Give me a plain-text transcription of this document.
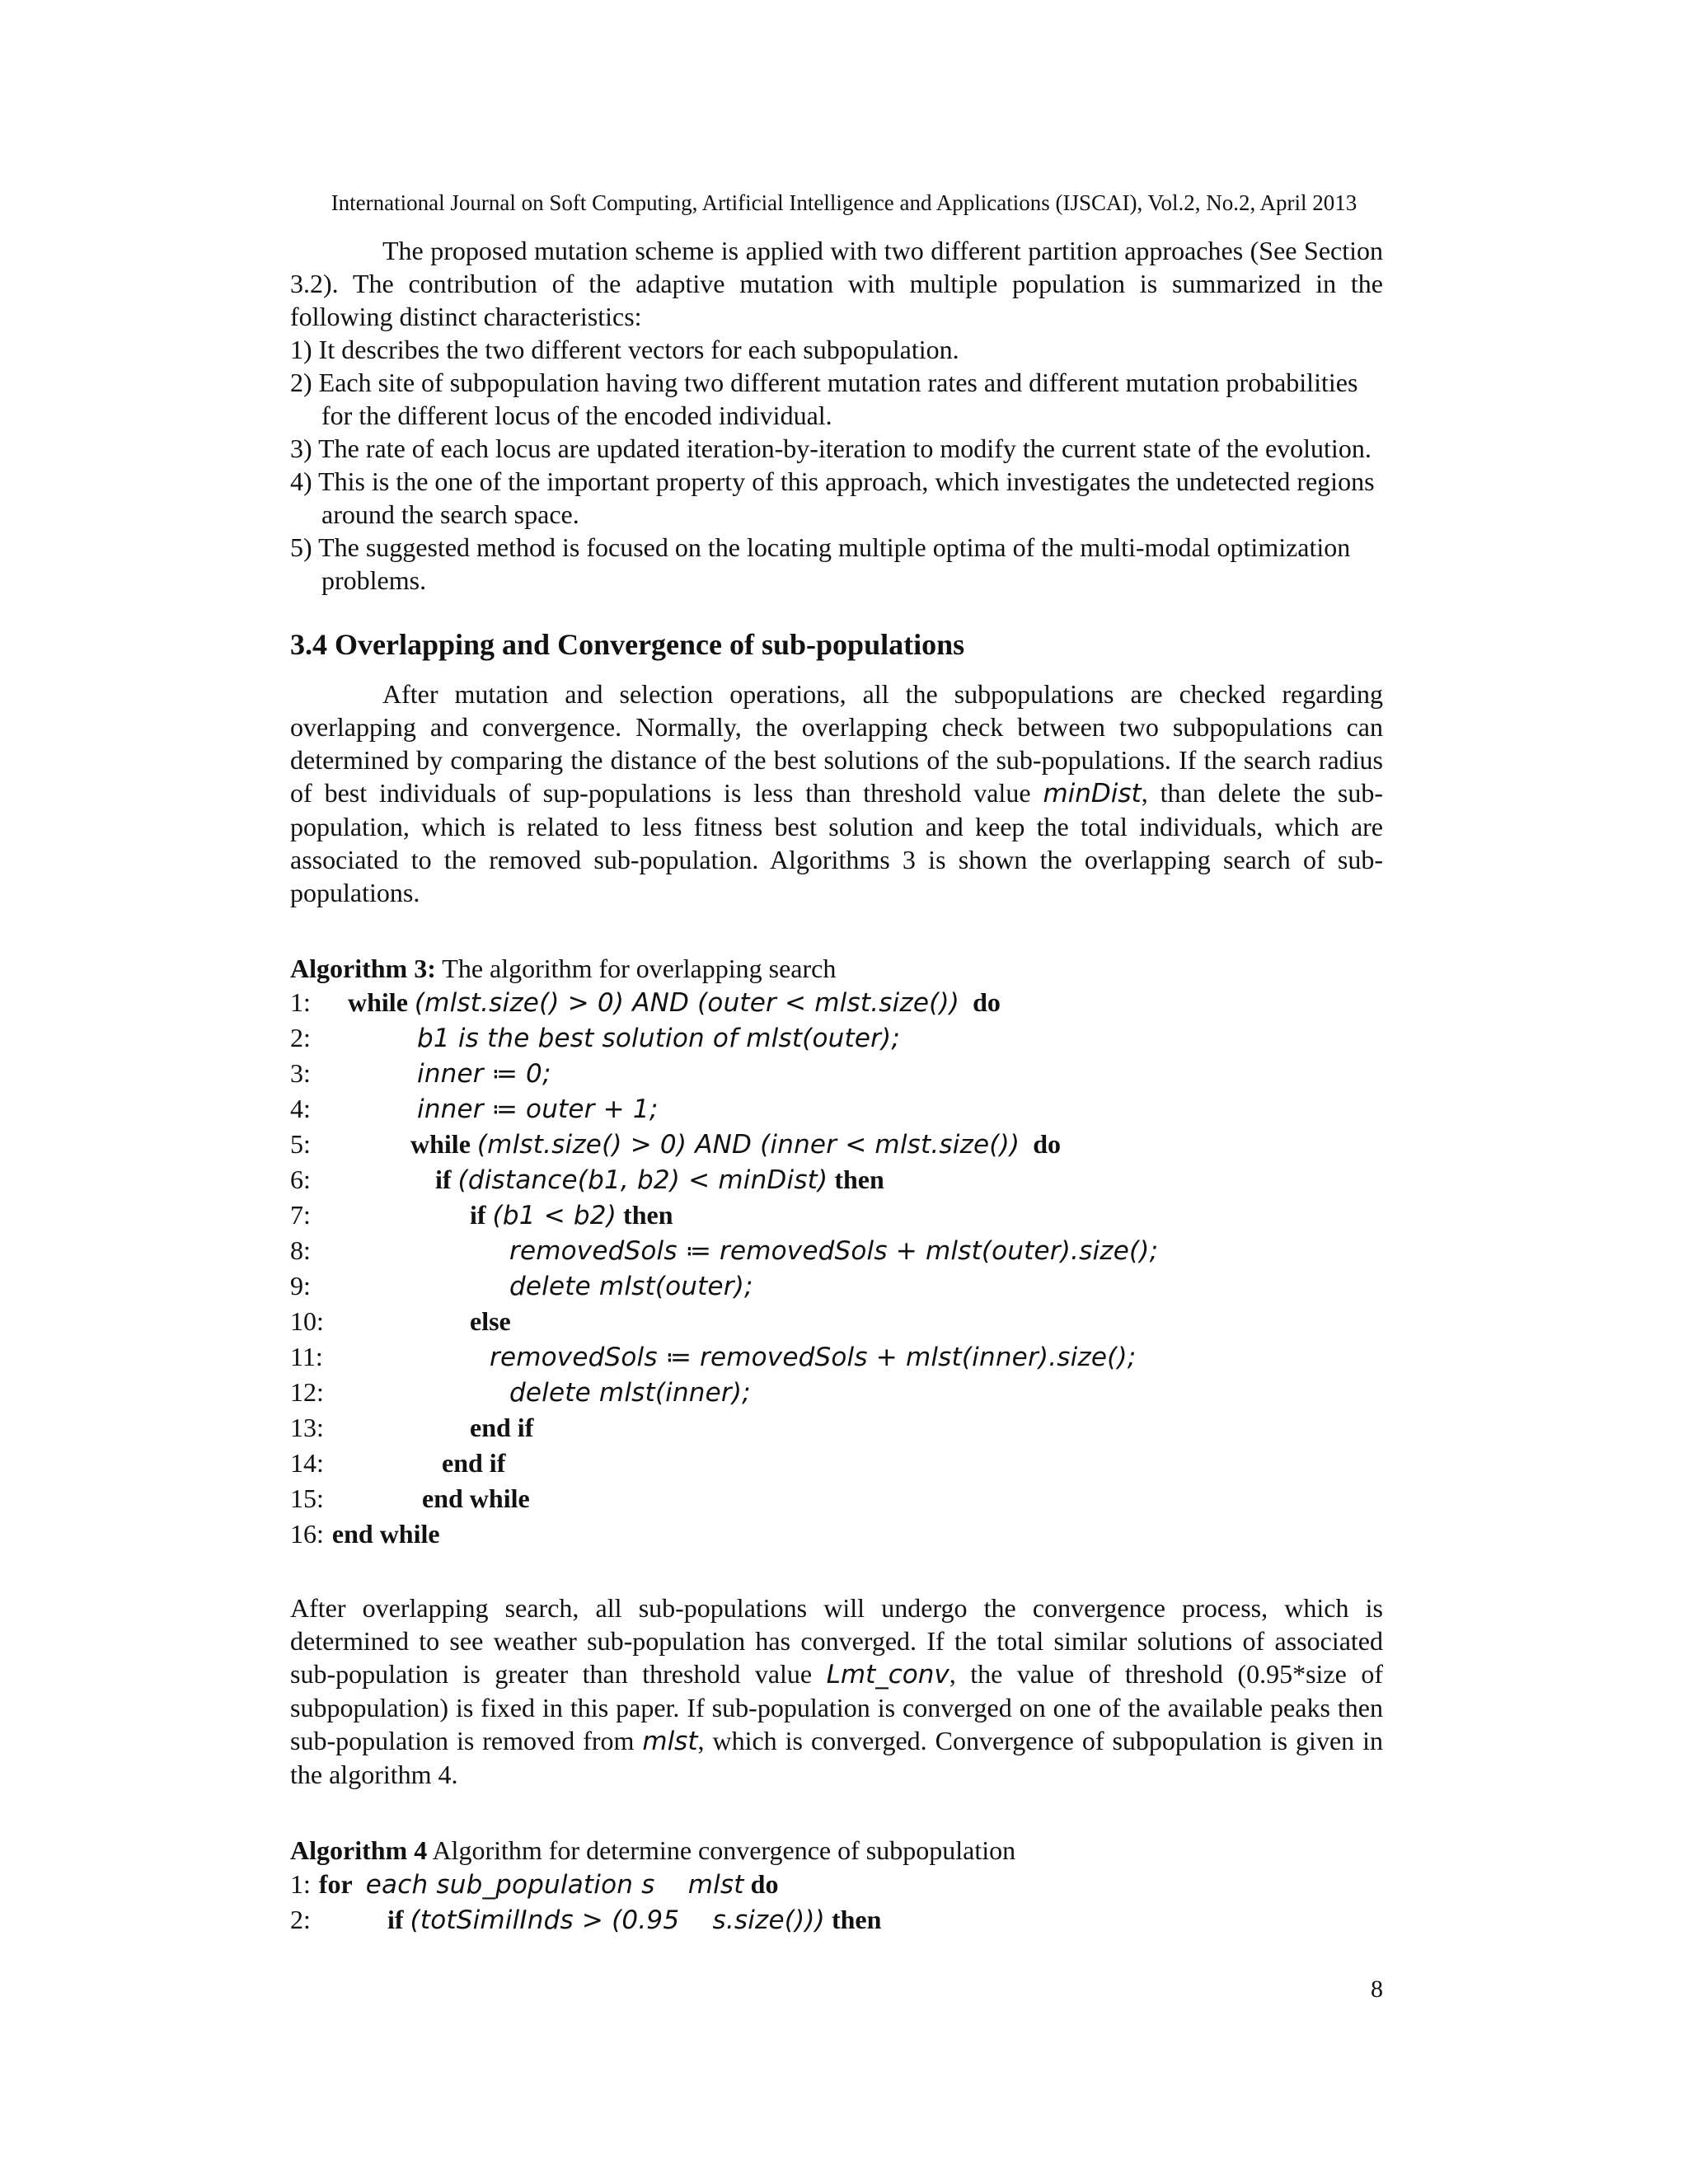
International Journal on Soft Computing, Artificial Intelligence and Applications (IJSCAI), Vol.2, No.2, April 2013

The proposed mutation scheme is applied with two different partition approaches (See Section 3.2). The contribution of the adaptive mutation with multiple population is summarized in the following distinct characteristics:

1) It describes the two different vectors for each subpopulation.
2) Each site of subpopulation having two different mutation rates and different mutation probabilities for the different locus of the encoded individual.
3) The rate of each locus are updated iteration-by-iteration to modify the current state of the evolution.
4) This is the one of the important property of this approach, which investigates the undetected regions around the search space.
5) The suggested method is focused on the locating multiple optima of the multi-modal optimization problems.
3.4 Overlapping and Convergence of sub-populations

After mutation and selection operations, all the subpopulations are checked regarding overlapping and convergence. Normally, the overlapping check between two subpopulations can determined by comparing the distance of the best solutions of the sub-populations. If the search radius of best individuals of sup-populations is less than threshold value minDist, than delete the sub-population, which is related to less fitness best solution and keep the total individuals, which are associated to the removed sub-population. Algorithms 3 is shown the overlapping search of sub-populations.

Algorithm 3: The algorithm for overlapping search
1: while (mlst.size() > 0) AND (outer < mlst.size()) do
2:	b1 is the best solution of mlst(outer);
3:	inner ≔ 0;
4:	inner ≔ outer + 1;
5:	while (mlst.size() > 0) AND (inner < mlst.size()) do
6:	if (distance(b1, b2) < minDist) then
7:	if (b1 < b2) then
8:	removedSols ≔ removedSols + mlst(outer).size();
9:	delete mlst(outer);
10:	else
11:	removedSols ≔ removedSols + mlst(inner).size();
12:	delete mlst(inner);
13:	end if
14:	end if
15:	end while
16: end while

After overlapping search, all sub-populations will undergo the convergence process, which is determined to see weather sub-population has converged. If the total similar solutions of associated sub-population is greater than threshold value Lmt_conv, the value of threshold (0.95*size of subpopulation) is fixed in this paper. If sub-population is converged on one of the available peaks then sub-population is removed from mlst, which is converged. Convergence of subpopulation is given in the algorithm 4.

Algorithm 4 Algorithm for determine convergence of subpopulation
1: for each sub_population s    mlst do
2:	if (totSimilInds > (0.95    s.size())) then
8
